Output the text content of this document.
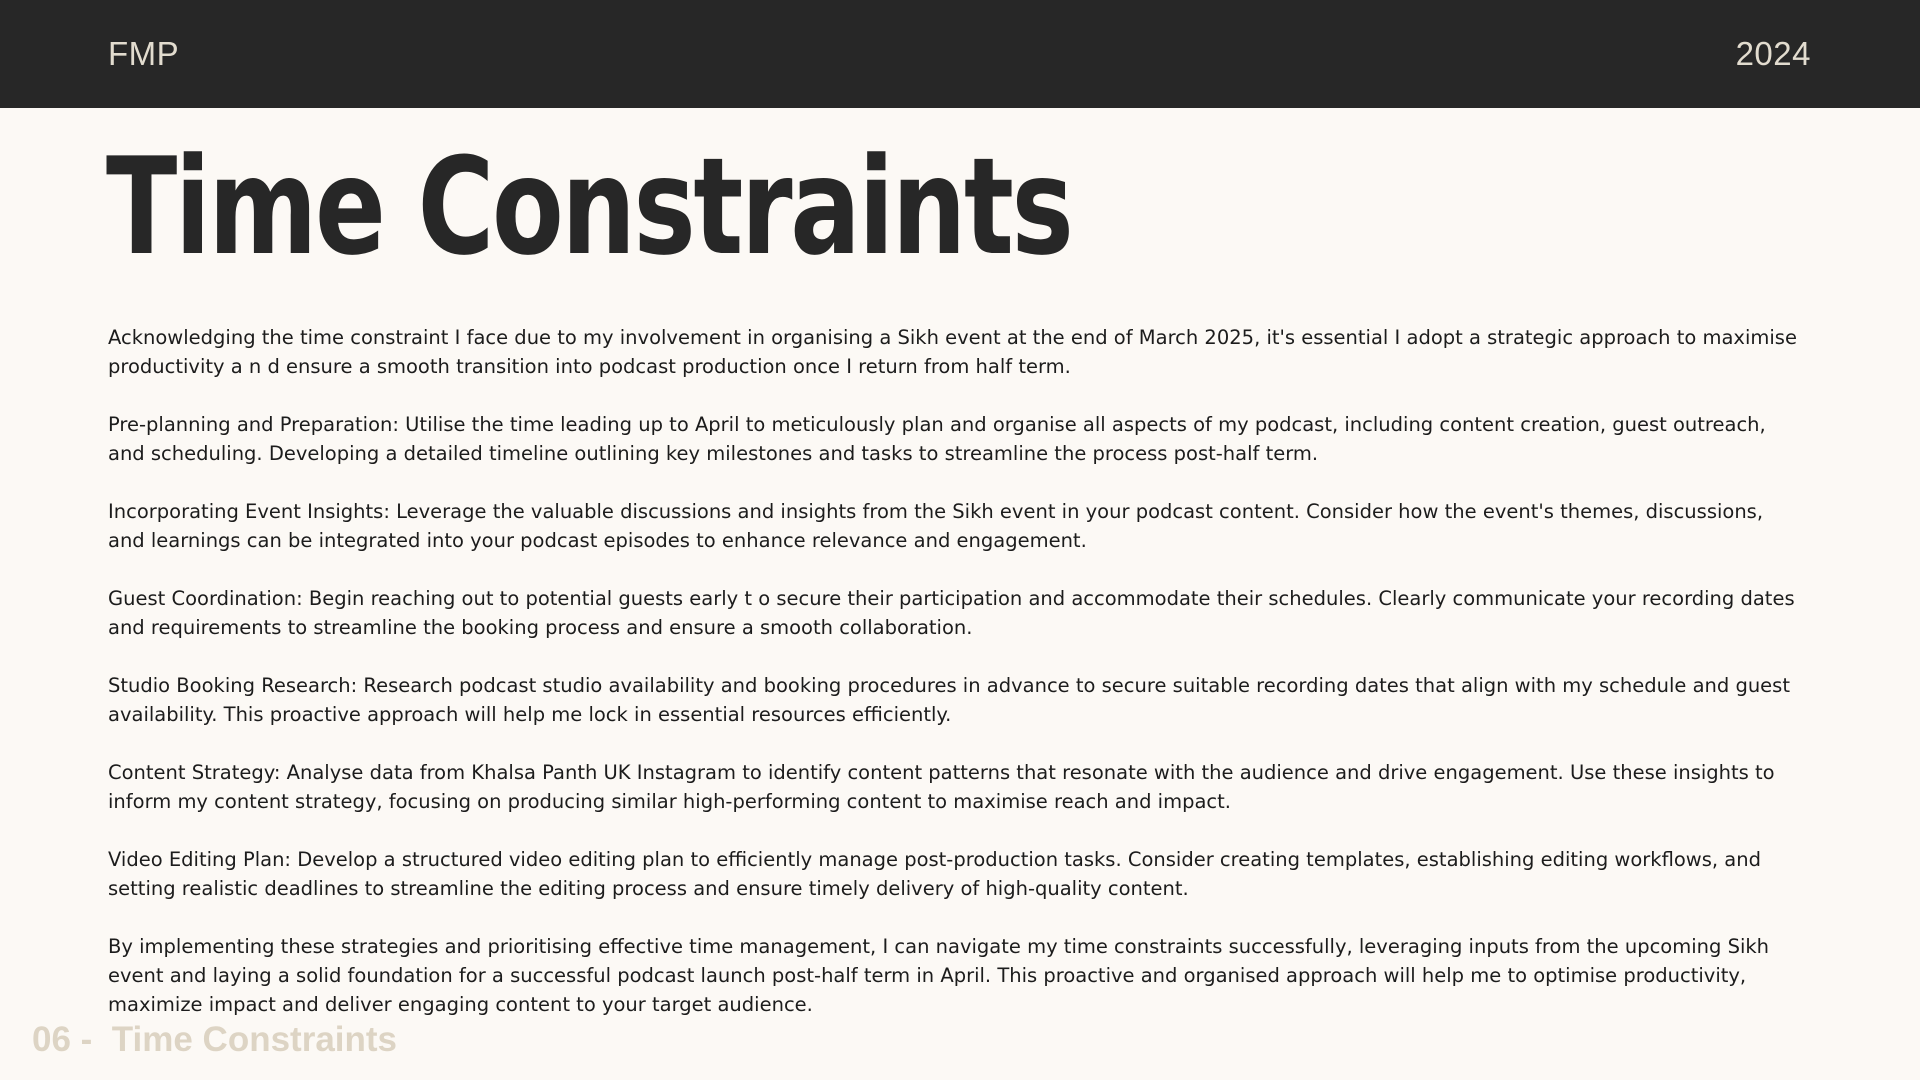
FMP	2024
Time Constraints

Acknowledging the time constraint I face due to my involvement in organising a Sikh event at the end of March 2025, it's essential I adopt a strategic approach to maximise productivity a n d ensure a smooth transition into podcast production once I return from half term.

Pre-planning and Preparation: Utilise the time leading up to April to meticulously plan and organise all aspects of my podcast, including content creation, guest outreach, and scheduling. Developing a detailed timeline outlining key milestones and tasks to streamline the process post-half term.

Incorporating Event Insights: Leverage the valuable discussions and insights from the Sikh event in your podcast content. Consider how the event's themes, discussions, and learnings can be integrated into your podcast episodes to enhance relevance and engagement.

Guest Coordination: Begin reaching out to potential guests early t o secure their participation and accommodate their schedules. Clearly communicate your recording dates and requirements to streamline the booking process and ensure a smooth collaboration.

Studio Booking Research: Research podcast studio availability and booking procedures in advance to secure suitable recording dates that align with my schedule and guest availability. This proactive approach will help me lock in essential resources efficiently.

Content Strategy: Analyse data from Khalsa Panth UK Instagram to identify content patterns that resonate with the audience and drive engagement. Use these insights to inform my content strategy, focusing on producing similar high-performing content to maximise reach and impact.

Video Editing Plan: Develop a structured video editing plan to efficiently manage post-production tasks. Consider creating templates, establishing editing workflows, and setting realistic deadlines to streamline the editing process and ensure timely delivery of high-quality content.

By implementing these strategies and prioritising effective time management, I can navigate my time constraints successfully, leveraging inputs from the upcoming Sikh event and laying a solid foundation for a successful podcast launch post-half term in April. This proactive and organised approach will help me to optimise productivity, maximize impact and deliver engaging content to your target audience.

06 -  Time Constraints
